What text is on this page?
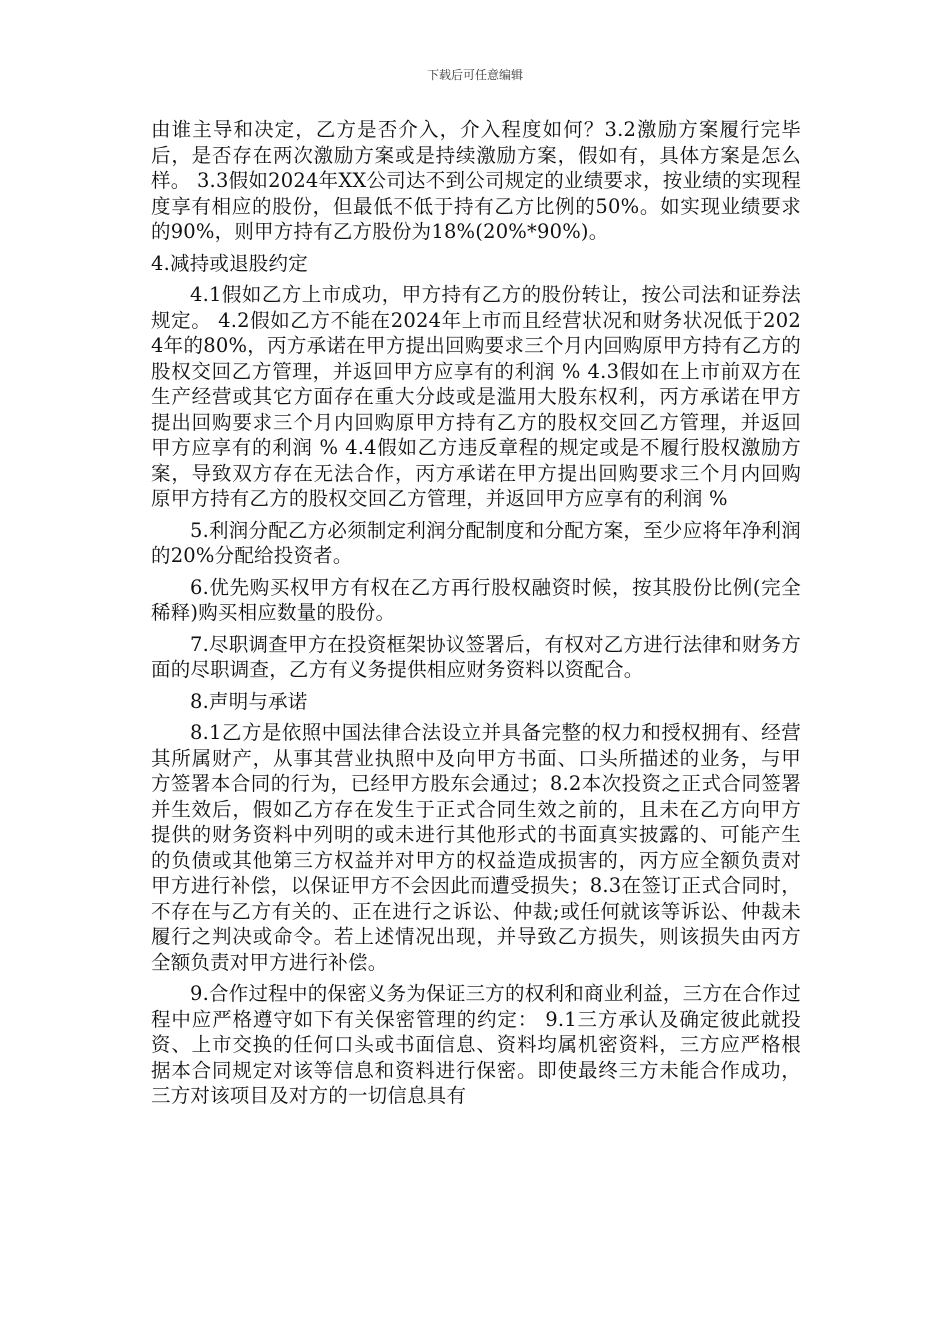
下载后可任意编辑

由谁主导和决定，乙方是否介入，介入程度如何？3.2激励方案履行完毕后，是否存在两次激励方案或是持续激励方案，假如有，具体方案是怎么样。 3.3假如2024年XX公司达不到公司规定的业绩要求，按业绩的实现程度享有相应的股份，但最低不低于持有乙方比例的50%。如实现业绩要求的90%，则甲方持有乙方股份为18%(20%*90%)。

4.减持或退股约定

4.1假如乙方上市成功，甲方持有乙方的股份转让，按公司法和证券法规定。 4.2假如乙方不能在2024年上市而且经营状况和财务状况低于2024年的80%，丙方承诺在甲方提出回购要求三个月内回购原甲方持有乙方的股权交回乙方管理，并返回甲方应享有的利润 % 4.3假如在上市前双方在生产经营或其它方面存在重大分歧或是滥用大股东权利，丙方承诺在甲方提出回购要求三个月内回购原甲方持有乙方的股权交回乙方管理，并返回甲方应享有的利润 % 4.4假如乙方违反章程的规定或是不履行股权激励方案，导致双方存在无法合作，丙方承诺在甲方提出回购要求三个月内回购原甲方持有乙方的股权交回乙方管理，并返回甲方应享有的利润 %

5.利润分配乙方必须制定利润分配制度和分配方案，至少应将年净利润的20%分配给投资者。

6.优先购买权甲方有权在乙方再行股权融资时候，按其股份比例(完全稀释)购买相应数量的股份。

7.尽职调查甲方在投资框架协议签署后，有权对乙方进行法律和财务方面的尽职调查，乙方有义务提供相应财务资料以资配合。

8.声明与承诺

8.1乙方是依照中国法律合法设立并具备完整的权力和授权拥有、经营其所属财产，从事其营业执照中及向甲方书面、口头所描述的业务，与甲方签署本合同的行为，已经甲方股东会通过；8.2本次投资之正式合同签署并生效后，假如乙方存在发生于正式合同生效之前的，且未在乙方向甲方提供的财务资料中列明的或未进行其他形式的书面真实披露的、可能产生的负债或其他第三方权益并对甲方的权益造成损害的，丙方应全额负责对甲方进行补偿，以保证甲方不会因此而遭受损失；8.3在签订正式合同时，不存在与乙方有关的、正在进行之诉讼、仲裁;或任何就该等诉讼、仲裁未履行之判决或命令。若上述情况出现，并导致乙方损失，则该损失由丙方全额负责对甲方进行补偿。

9.合作过程中的保密义务为保证三方的权利和商业利益，三方在合作过程中应严格遵守如下有关保密管理的约定： 9.1三方承认及确定彼此就投资、上市交换的任何口头或书面信息、资料均属机密资料，三方应严格根据本合同规定对该等信息和资料进行保密。即使最终三方未能合作成功，三方对该项目及对方的一切信息具有
